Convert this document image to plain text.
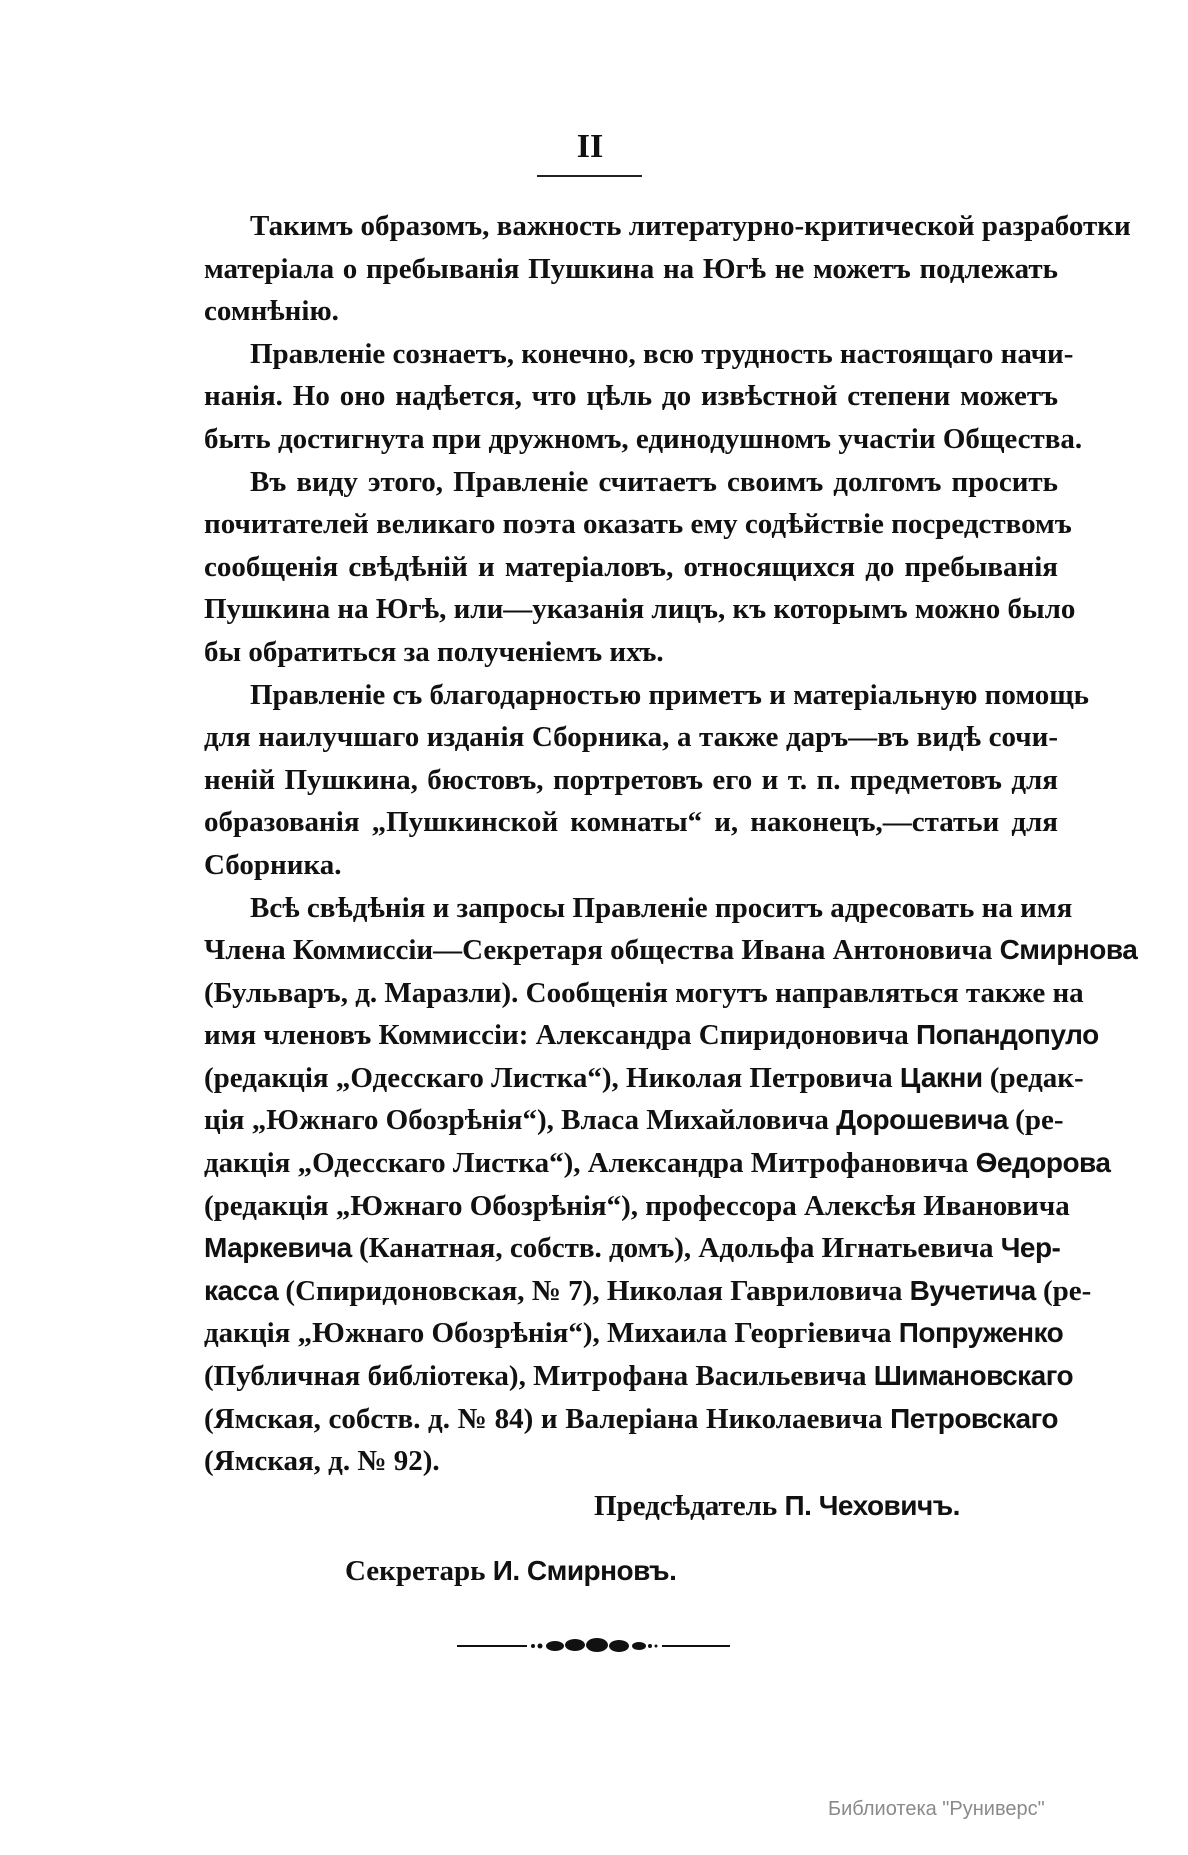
II
Такимъ образомъ, важность литературно-критической разработки
матеріала о пребыванія Пушкина на Югѣ не можетъ подлежать
сомнѣнію.
Правленіе сознаетъ, конечно, всю трудность настоящаго начи-
нанія. Но оно надѣется, что цѣль до извѣстной степени можетъ
быть достигнута при дружномъ, единодушномъ участіи Общества.
Въ виду этого, Правленіе считаетъ своимъ долгомъ просить
почитателей великаго поэта оказать ему содѣйствіе посредствомъ
сообщенія свѣдѣній и матеріаловъ, относящихся до пребыванія
Пушкина на Югѣ, или—указанія лицъ, къ которымъ можно было
бы обратиться за полученіемъ ихъ.
Правленіе съ благодарностью приметъ и матеріальную помощь
для наилучшаго изданія Сборника, а также даръ—въ видѣ сочи-
неній Пушкина, бюстовъ, портретовъ его и т. п. предметовъ для
образованія „Пушкинской комнаты“ и, наконецъ,—статьи для
Сборника.
Всѣ свѣдѣнія и запросы Правленіе проситъ адресовать на имя
Члена Коммиссіи—Секретаря общества Ивана Антоновича Смирнова
(Бульваръ, д. Маразли). Сообщенія могутъ направляться также на
имя членовъ Коммиссіи: Александра Спиридоновича Попандопуло
(редакція „Одесскаго Листка“), Николая Петровича Цакни (редак-
ція „Южнаго Обозрѣнія“), Власа Михайловича Дорошевича (ре-
дакція „Одесскаго Листка“), Александра Митрофановича Ѳедорова
(редакція „Южнаго Обозрѣнія“), профессора Алексѣя Ивановича
Маркевича (Канатная, собств. домъ), Адольфа Игнатьевича Чер-
касса (Спиридоновская, № 7), Николая Гавриловича Вучетича (ре-
дакція „Южнаго Обозрѣнія“), Михаила Георгіевича Попруженко
(Публичная библіотека), Митрофана Васильевича Шимановскаго
(Ямская, собств. д. № 84) и Валеріана Николаевича Петровскаго
(Ямская, д. № 92).
Предсѣдатель П. Чеховичъ.
Секретарь И. Смирновъ.
Библиотека "Руниверс"
